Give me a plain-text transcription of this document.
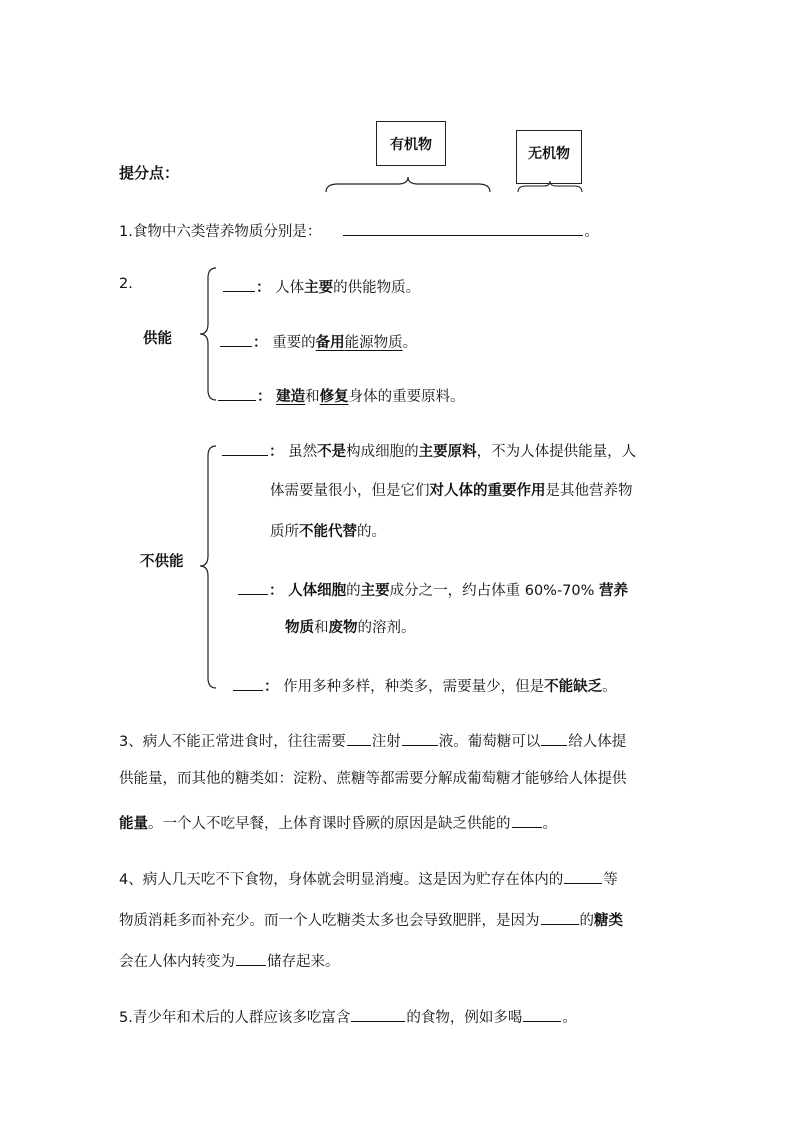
有机物
无机物
提分点：
1.食物中六类营养物质分别是：	。
2.
供能
不供能
： 人体主要的供能物质。
： 重要的备用能源物质。
： 建造和修复身体的重要原料。
： 虽然不是构成细胞的主要原料，不为人体提供能量，人
体需要量很小，但是它们对人体的重要作用是其他营养物
质所不能代替的。
： 人体细胞的主要成分之一，约占体重 60%-70% 营养
物质和废物的溶剂。
： 作用多种多样，种类多，需要量少，但是不能缺乏。
3、病人不能正常进食时，往往需要 注射	液。葡萄糖可以 给人体提
供能量，而其他的糖类如：淀粉、蔗糖等都需要分解成葡萄糖才能够给人体提供
能量。一个人不吃早餐，上体育课时昏厥的原因是缺乏供能的 。
4、病人几天吃不下食物，身体就会明显消瘦。这是因为贮存在体内的	等
物质消耗多而补充少。而一个人吃糖类太多也会导致肥胖，是因为	的糖类
会在人体内转变为 储存起来。
5.青少年和术后的人群应该多吃富含	的食物，例如多喝	。
